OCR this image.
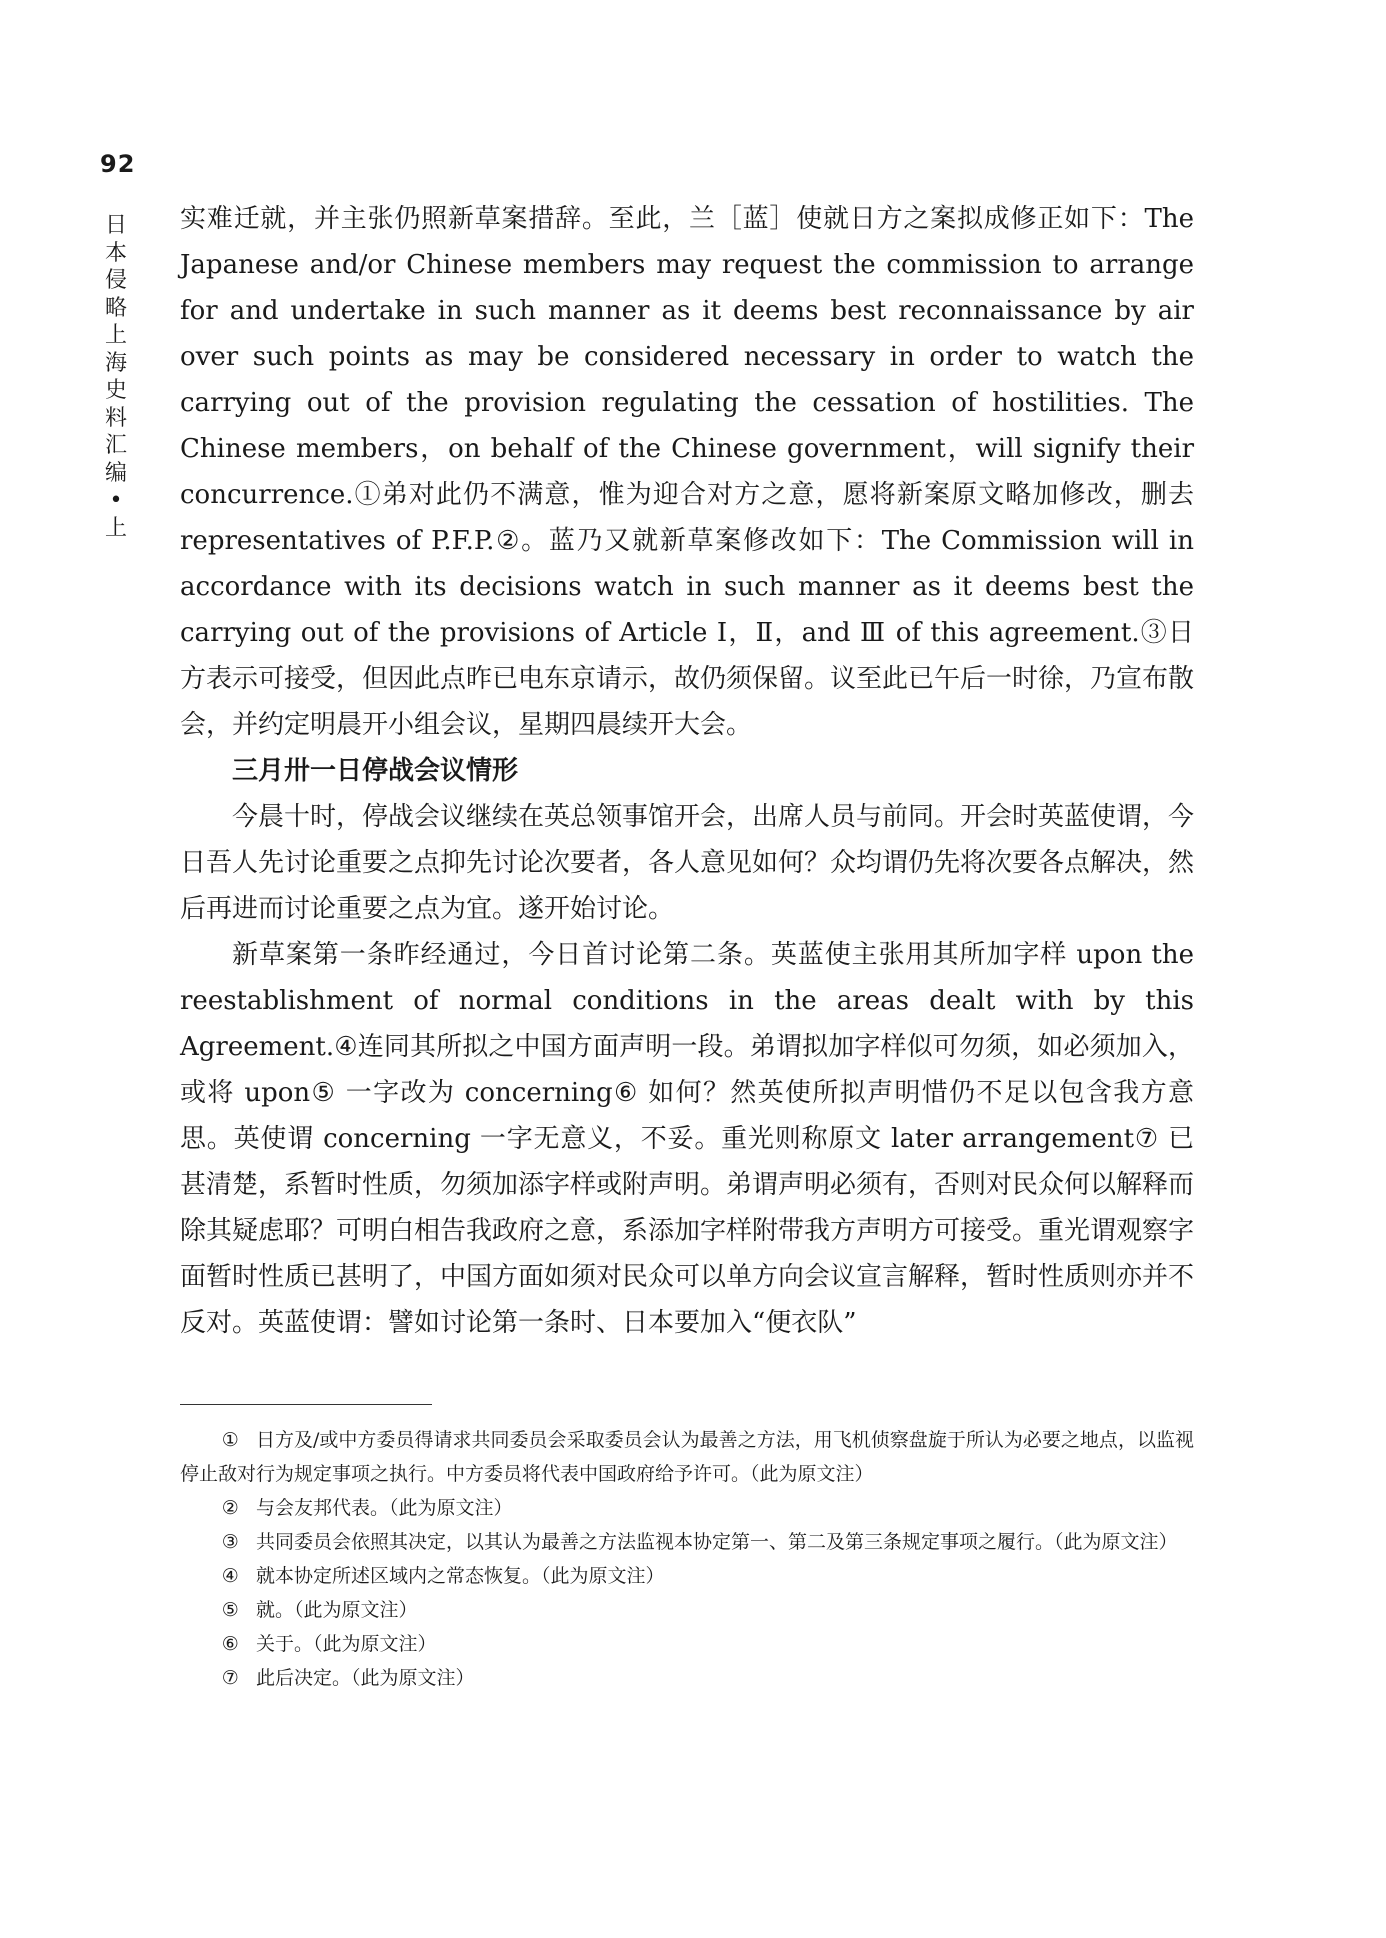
92
日
本
侵
略
上
海
史
料
汇
编
•
上

实难迁就，并主张仍照新草案措辞。至此，兰［蓝］使就日方之案拟成修正如下：The Japanese and/or Chinese members may request the commission to arrange for and undertake in such manner as it deems best reconnaissance by air over such points as may be considered necessary in order to watch the carrying out of the provision regulating the cessation of hostilities. The Chinese members，on behalf of the Chinese government，will signify their concurrence.①弟对此仍不满意，惟为迎合对方之意，愿将新案原文略加修改，删去 representatives of P.F.P.②。蓝乃又就新草案修改如下：The Commission will in accordance with its decisions watch in such manner as it deems best the carrying out of the provisions of Article Ⅰ，Ⅱ，and Ⅲ of this agreement.③日方表示可接受，但因此点昨已电东京请示，故仍须保留。议至此已午后一时徐，乃宣布散会，并约定明晨开小组会议，星期四晨续开大会。

三月卅一日停战会议情形

今晨十时，停战会议继续在英总领事馆开会，出席人员与前同。开会时英蓝使谓，今日吾人先讨论重要之点抑先讨论次要者，各人意见如何？众均谓仍先将次要各点解决，然后再进而讨论重要之点为宜。遂开始讨论。

新草案第一条昨经通过，今日首讨论第二条。英蓝使主张用其所加字样 upon the reestablishment of normal conditions in the areas dealt with by this Agreement.④连同其所拟之中国方面声明一段。弟谓拟加字样似可勿须，如必须加入，或将 upon⑤ 一字改为 concerning⑥ 如何？然英使所拟声明惜仍不足以包含我方意思。英使谓 concerning 一字无意义，不妥。重光则称原文 later arrangement⑦ 已甚清楚，系暂时性质，勿须加添字样或附声明。弟谓声明必须有，否则对民众何以解释而除其疑虑耶？可明白相告我政府之意，系添加字样附带我方声明方可接受。重光谓观察字面暂时性质已甚明了，中国方面如须对民众可以单方向会议宣言解释，暂时性质则亦并不反对。英蓝使谓：譬如讨论第一条时、日本要加入“便衣队”

① 日方及/或中方委员得请求共同委员会采取委员会认为最善之方法，用飞机侦察盘旋于所认为必要之地点，以监视停止敌对行为规定事项之执行。中方委员将代表中国政府给予许可。（此为原文注）

② 与会友邦代表。（此为原文注）

③ 共同委员会依照其决定，以其认为最善之方法监视本协定第一、第二及第三条规定事项之履行。（此为原文注）

④ 就本协定所述区域内之常态恢复。（此为原文注）

⑤ 就。（此为原文注）

⑥ 关于。（此为原文注）

⑦ 此后决定。（此为原文注）
